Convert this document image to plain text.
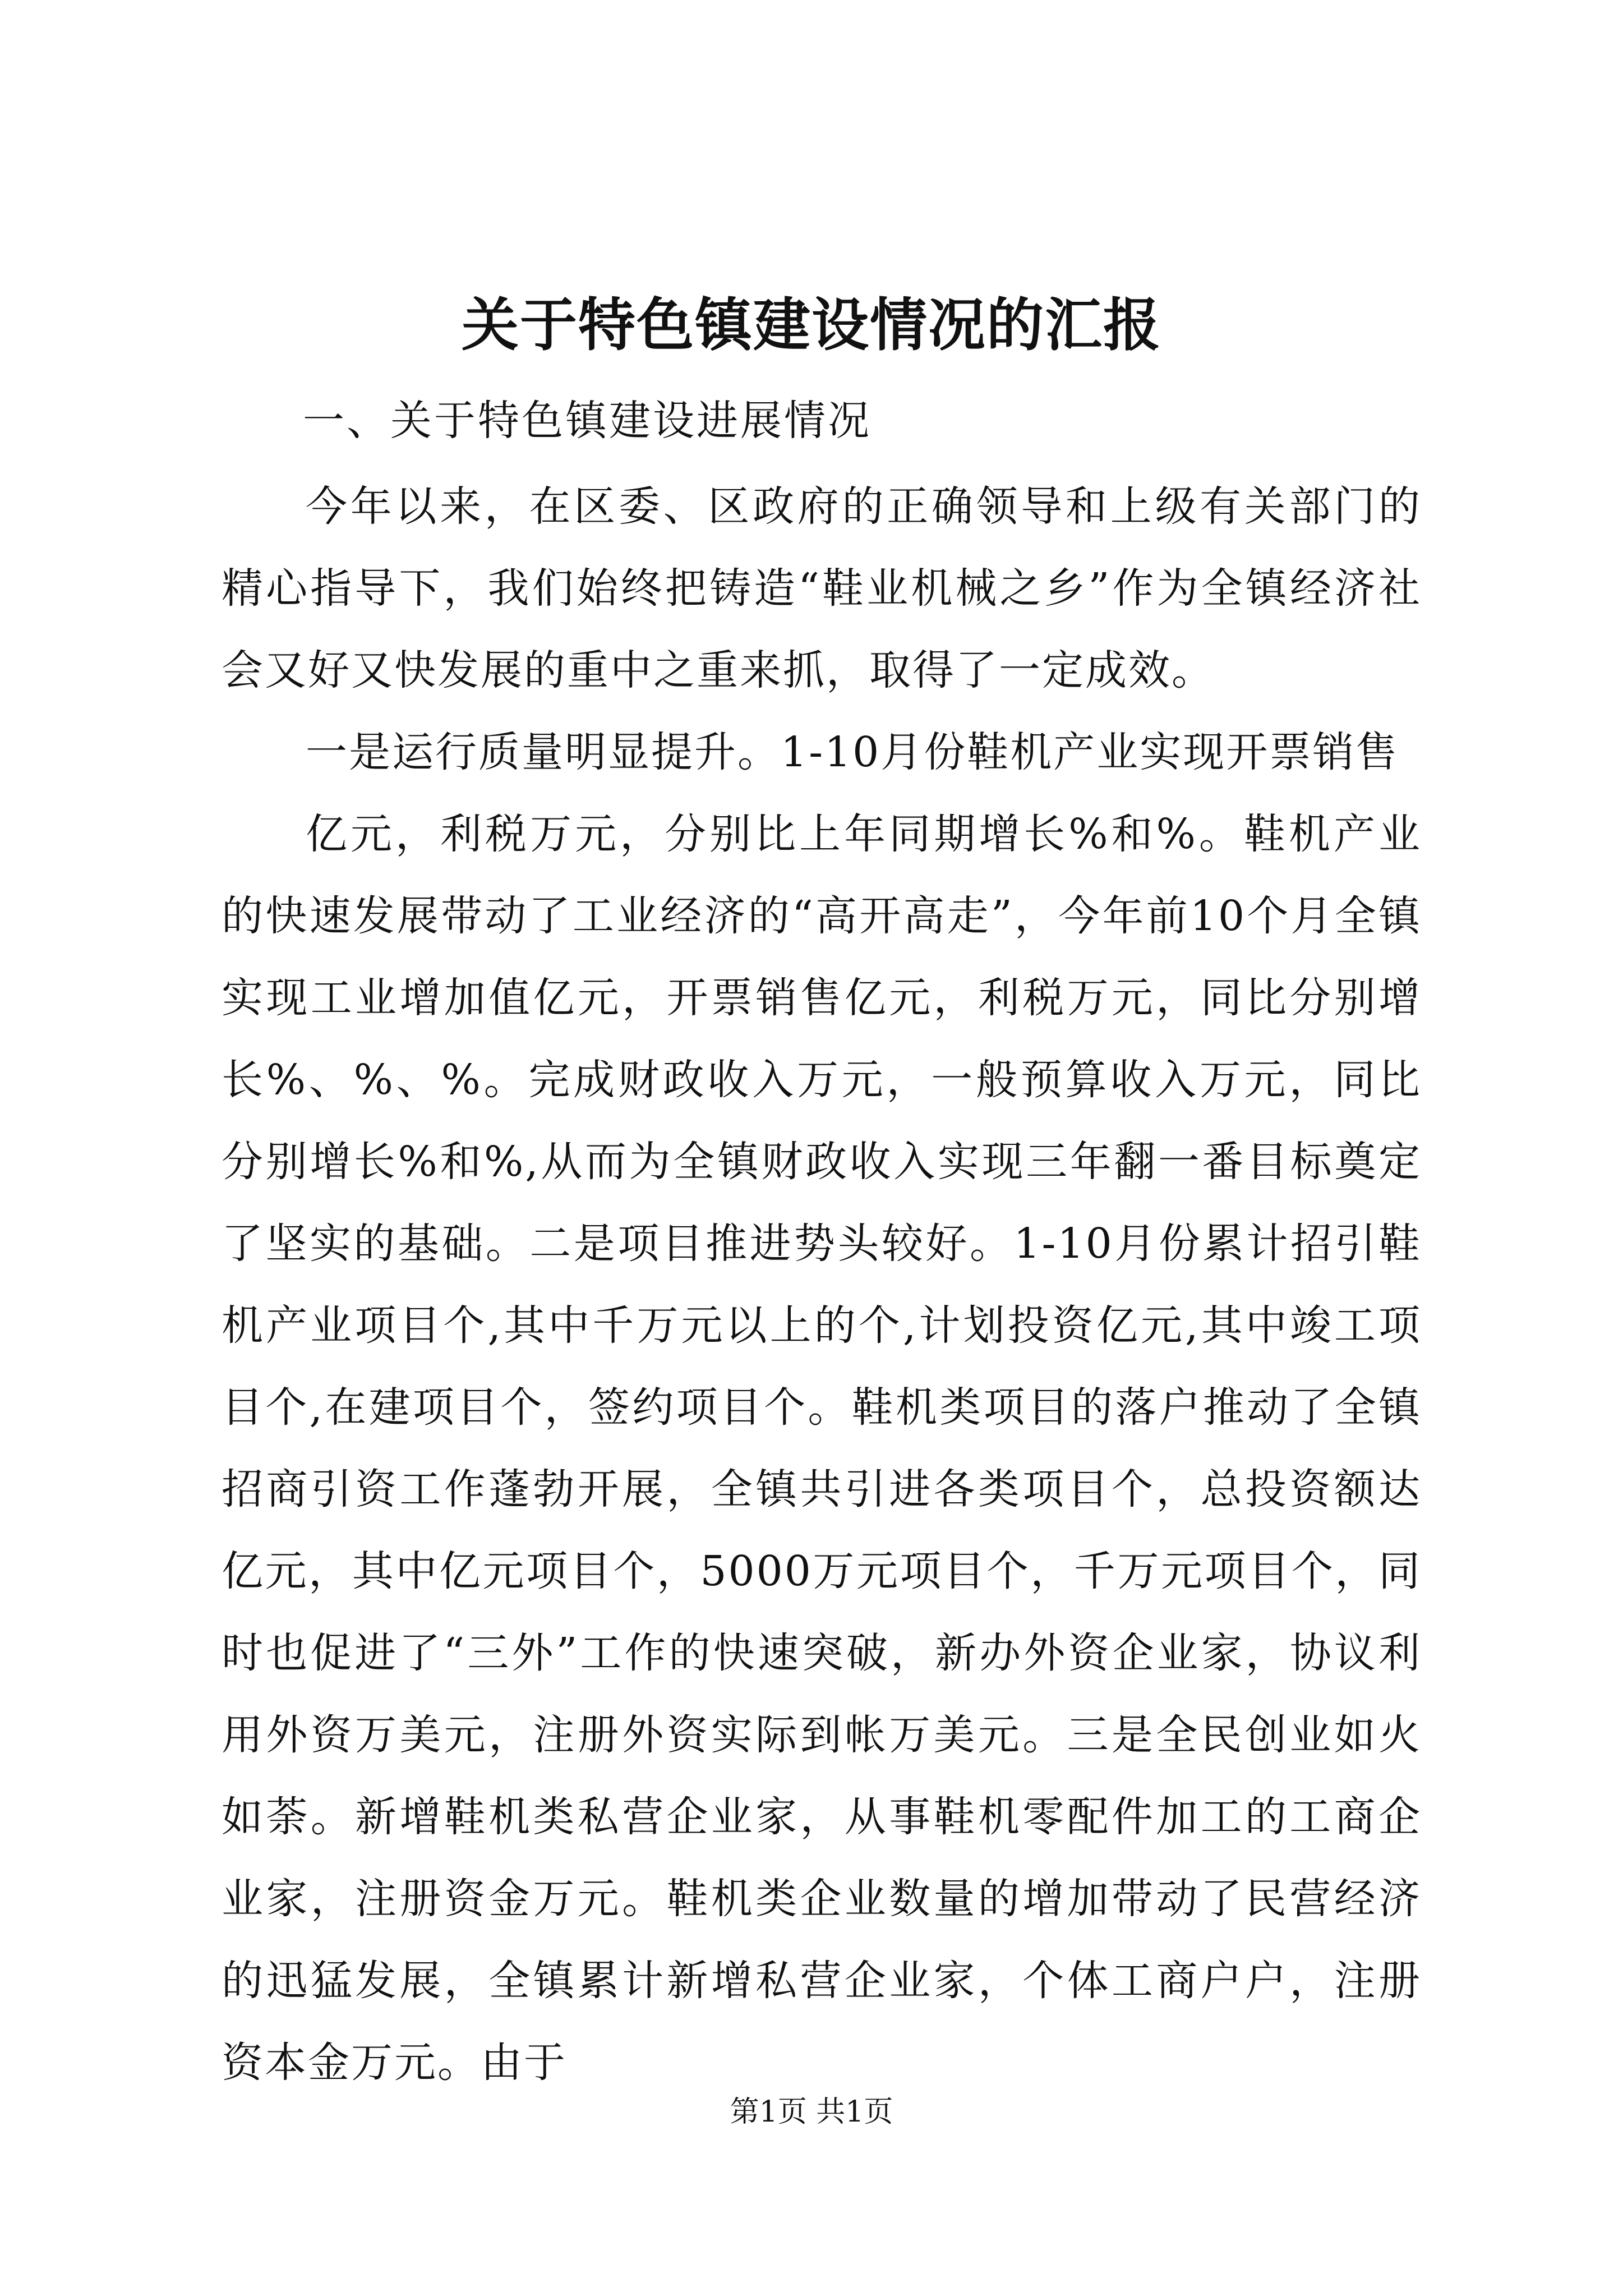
关于特色镇建设情况的汇报
一、关于特色镇建设进展情况

今年以来，在区委、区政府的正确领导和上级有关部门的精心指导下，我们始终把铸造“鞋业机械之乡”作为全镇经济社会又好又快发展的重中之重来抓，取得了一定成效。

一是运行质量明显提升。1-10月份鞋机产业实现开票销售

亿元，利税万元，分别比上年同期增长%和%。鞋机产业的快速发展带动了工业经济的“高开高走”，今年前10个月全镇实现工业增加值亿元，开票销售亿元，利税万元，同比分别增长%、%、%。完成财政收入万元，一般预算收入万元，同比分别增长%和%,从而为全镇财政收入实现三年翻一番目标奠定了坚实的基础。二是项目推进势头较好。1-10月份累计招引鞋机产业项目个,其中千万元以上的个,计划投资亿元,其中竣工项目个,在建项目个，签约项目个。鞋机类项目的落户推动了全镇招商引资工作蓬勃开展，全镇共引进各类项目个，总投资额达亿元，其中亿元项目个，5000万元项目个，千万元项目个，同时也促进了“三外”工作的快速突破，新办外资企业家，协议利用外资万美元，注册外资实际到帐万美元。三是全民创业如火如荼。新增鞋机类私营企业家，从事鞋机零配件加工的工商企业家，注册资金万元。鞋机类企业数量的增加带动了民营经济的迅猛发展，全镇累计新增私营企业家，个体工商户户，注册资本金万元。由于

第1页 共1页
